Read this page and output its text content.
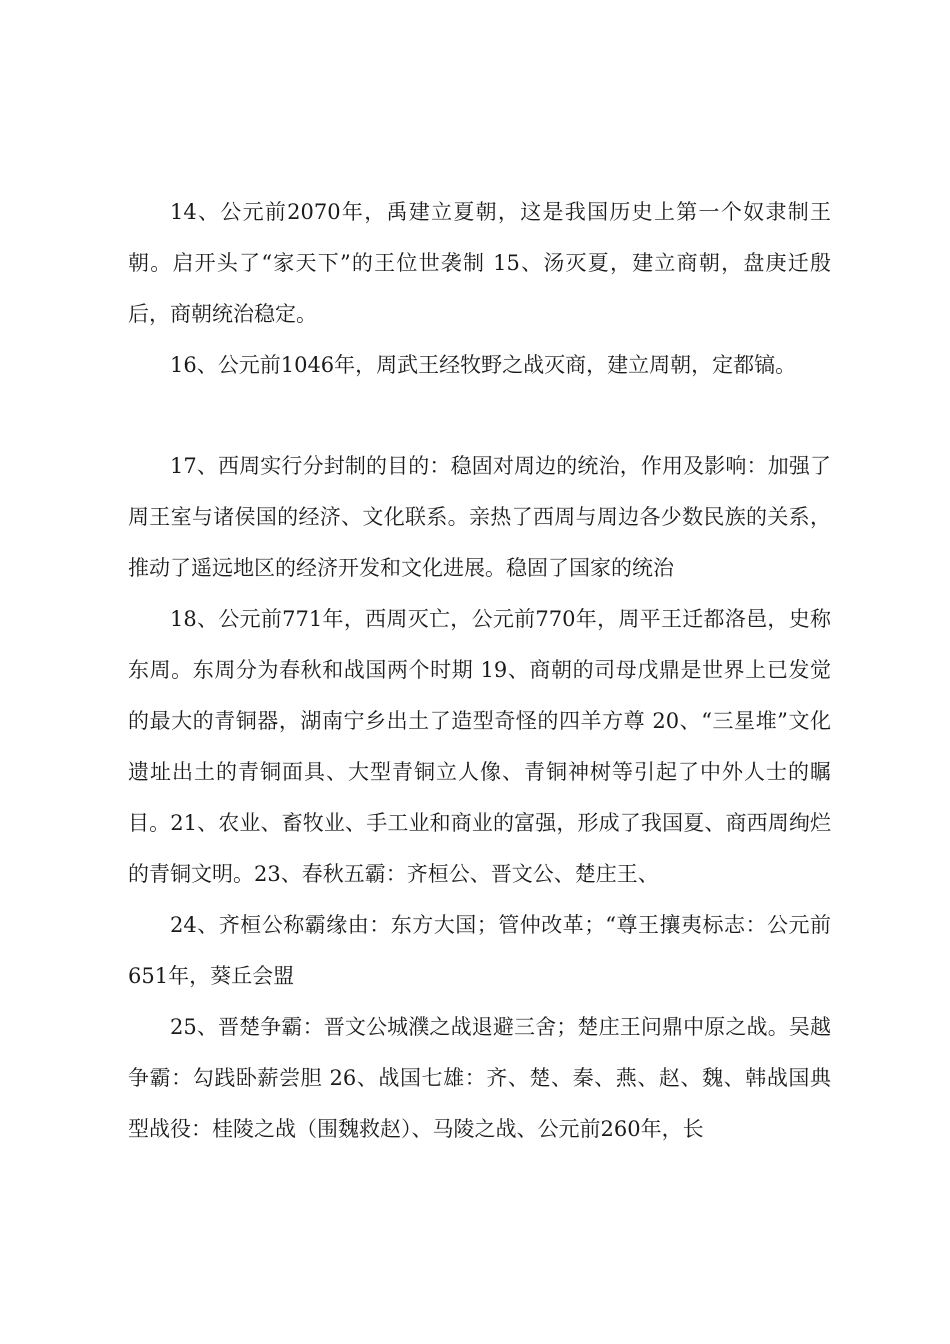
14、公元前2070年，禹建立夏朝，这是我国历史上第一个奴隶制王朝。启开头了“家天下”的王位世袭制 15、汤灭夏，建立商朝，盘庚迁殷后，商朝统治稳定。

16、公元前1046年，周武王经牧野之战灭商，建立周朝，定都镐。

17、西周实行分封制的目的：稳固对周边的统治，作用及影响：加强了周王室与诸侯国的经济、文化联系。亲热了西周与周边各少数民族的关系，推动了遥远地区的经济开发和文化进展。稳固了国家的统治

18、公元前771年，西周灭亡，公元前770年，周平王迁都洛邑，史称东周。东周分为春秋和战国两个时期 19、商朝的司母戊鼎是世界上已发觉的最大的青铜器，湖南宁乡出土了造型奇怪的四羊方尊 20、“三星堆”文化遗址出土的青铜面具、大型青铜立人像、青铜神树等引起了中外人士的瞩目。21、农业、畜牧业、手工业和商业的富强，形成了我国夏、商西周绚烂的青铜文明。23、春秋五霸：齐桓公、晋文公、楚庄王、

24、齐桓公称霸缘由：东方大国；管仲改革；“尊王攘夷标志：公元前651年，葵丘会盟

25、晋楚争霸：晋文公城濮之战退避三舍；楚庄王问鼎中原之战。吴越争霸：勾践卧薪尝胆 26、战国七雄：齐、楚、秦、燕、赵、魏、韩战国典型战役：桂陵之战（围魏救赵）、马陵之战、公元前260年，长
